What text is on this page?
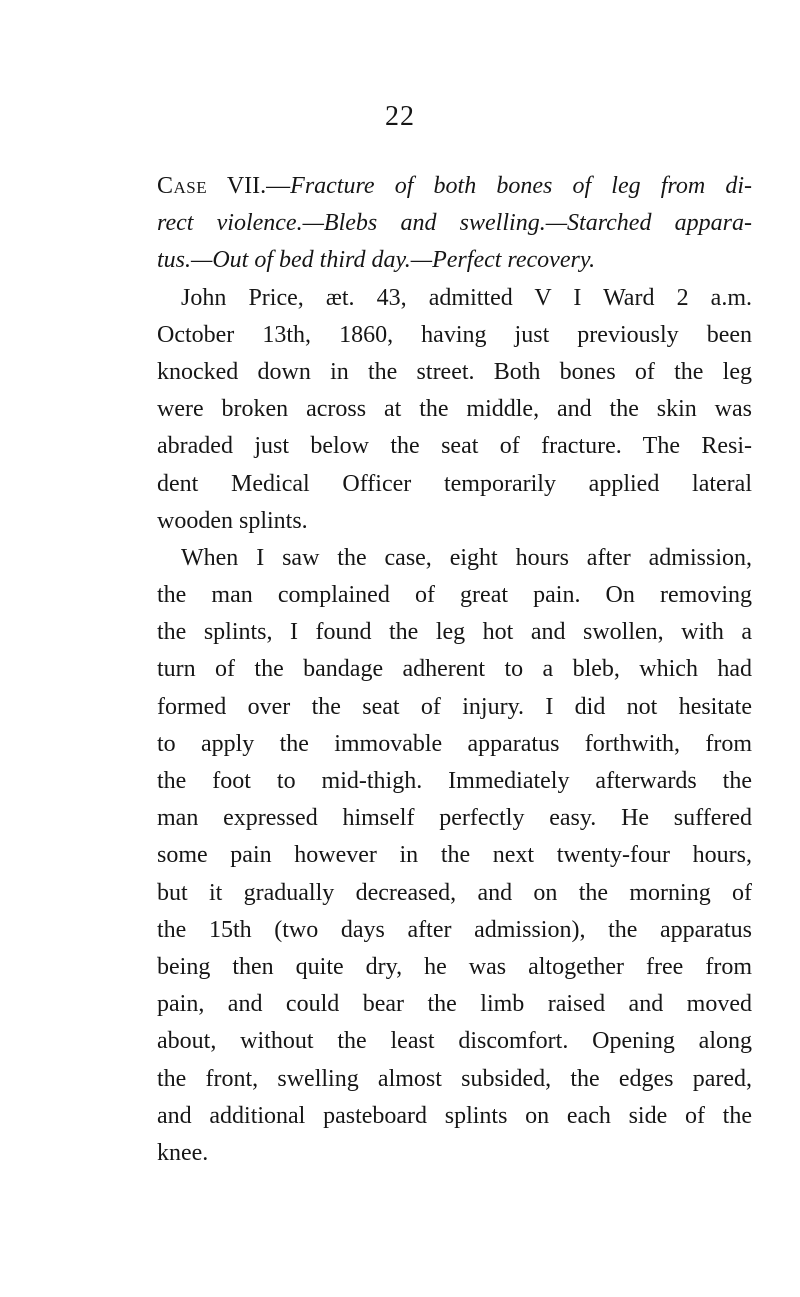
22
Case VII.—Fracture of both bones of leg from di-
rect violence.—Blebs and swelling.—Starched appara-
tus.—Out of bed third day.—Perfect recovery.
John Price, æt. 43, admitted V I Ward 2 a.m.
October 13th, 1860, having just previously been
knocked down in the street. Both bones of the leg
were broken across at the middle, and the skin was
abraded just below the seat of fracture. The Resi-
dent Medical Officer temporarily applied lateral
wooden splints.
When I saw the case, eight hours after admission,
the man complained of great pain. On removing
the splints, I found the leg hot and swollen, with a
turn of the bandage adherent to a bleb, which had
formed over the seat of injury. I did not hesitate
to apply the immovable apparatus forthwith, from
the foot to mid-thigh. Immediately afterwards the
man expressed himself perfectly easy. He suffered
some pain however in the next twenty-four hours,
but it gradually decreased, and on the morning of
the 15th (two days after admission), the apparatus
being then quite dry, he was altogether free from
pain, and could bear the limb raised and moved
about, without the least discomfort. Opening along
the front, swelling almost subsided, the edges pared,
and additional pasteboard splints on each side of the
knee.
